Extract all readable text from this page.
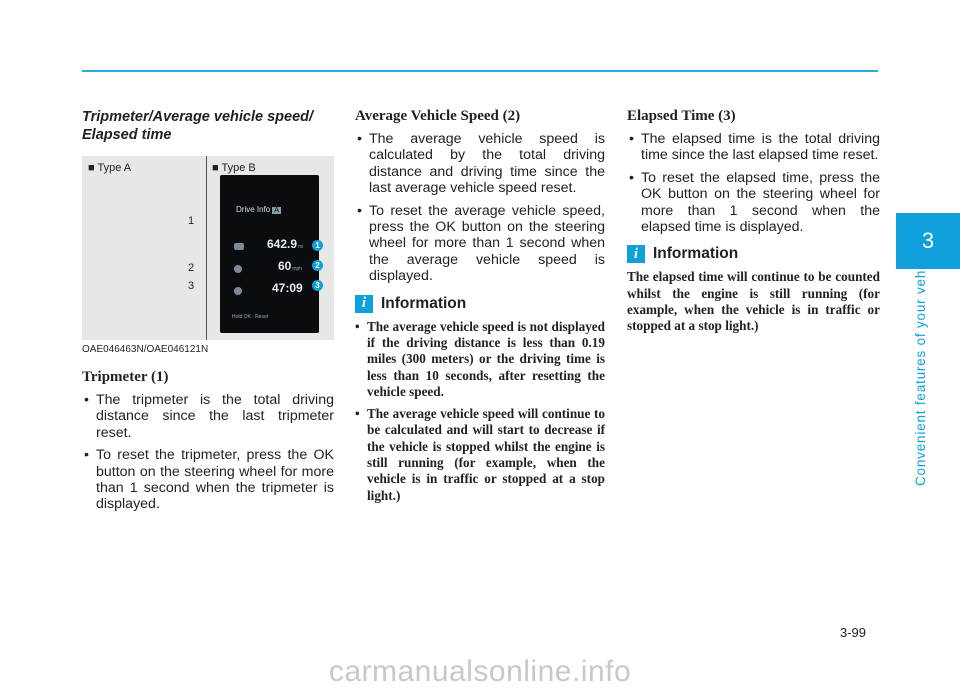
3
Convenient features of your vehicle
Tripmeter/Average vehicle speed/ Elapsed time
■ Type A	■ Type B
1
2
3
Drive Info A
642.9mi
60mph
47:09
Hold OK : Reset
1
2
3
OAE046463N/OAE046121N
Tripmeter (1)
• The tripmeter is the total driving distance since the last tripmeter reset.
• To reset the tripmeter, press the OK button on the steering wheel for more than 1 second when the tripmeter is displayed.
Average Vehicle Speed (2)
• The average vehicle speed is calculated by the total driving distance and driving time since the last average vehicle speed reset.
• To reset the average vehicle speed, press the OK button on the steering wheel for more than 1 second when the average vehicle speed is displayed.
i Information
• The average vehicle speed is not displayed if the driving distance is less than 0.19 miles (300 meters) or the driving time is less than 10 seconds, after resetting the vehicle speed.
• The average vehicle speed will continue to be calculated and will start to decrease if the vehicle is stopped whilst the engine is still running (for example, when the vehicle is in traffic or stopped at a stop light.)
Elapsed Time (3)
• The elapsed time is the total driving time since the last elapsed time reset.
• To reset the elapsed time, press the OK button on the steering wheel for more than 1 second when the elapsed time is displayed.
i Information

The elapsed time will continue to be counted whilst the engine is still running (for example, when the vehicle is in traffic or stopped at a stop light.)

3-99
carmanualsonline.info
